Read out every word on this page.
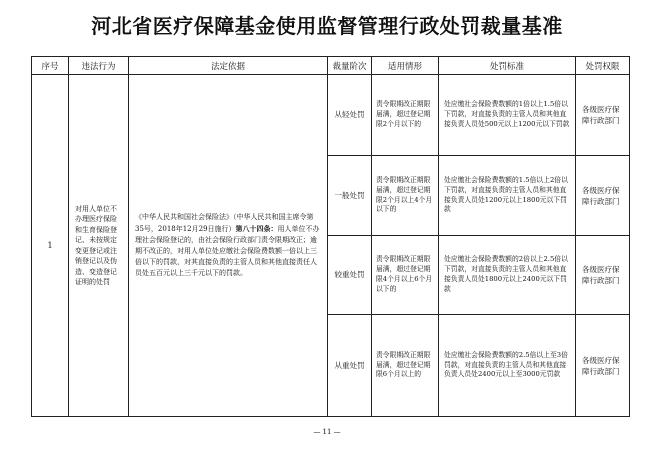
河北省医疗保障基金使用监督管理行政处罚裁量基准
序号	违法行为	法定依据	裁量阶次	适用情形	处罚标准	处罚权限
1	对用人单位不办理医疗保险和生育保险登记、未按规定变更登记或注销登记以及伪造、变造登记证明的处罚	《中华人民共和国社会保险法》（中华人民共和国主席令第35号，2018年12月29日施行）第八十四条：用人单位不办理社会保险登记的，由社会保险行政部门责令限期改正；逾期不改正的，对用人单位处应缴社会保险费数额一倍以上三倍以下的罚款，对其直接负责的主管人员和其他直接责任人员处五百元以上三千元以下的罚款。	从轻处罚	责令限期改正期限届满，超过登记期限2个月以下的	处应缴社会保险费数额的1倍以上1.5倍以下罚款，对直接负责的主管人员和其他直接负责人员处500元以上1200元以下罚款	各级医疗保障行政部门
			一般处罚	责令限期改正期限届满，超过登记期限2个月以上4个月以下的	处应缴社会保险费数额的1.5倍以上2倍以下罚款，对直接负责的主管人员和其他直接负责人员处1200元以上1800元以下罚款	各级医疗保障行政部门
			较重处罚	责令限期改正期限届满，超过登记期限4个月以上6个月以下的	处应缴社会保险费数额的2倍以上2.5倍以下罚款，对直接负责的主管人员和其他直接负责人员处1800元以上2400元以下罚款	各级医疗保障行政部门
			从重处罚	责令限期改正期限届满，超过登记期限6个月以上的	处应缴社会保险费数额的2.5倍以上至3倍罚款，对直接负责的主管人员和其他直接负责人员处2400元以上至3000元罚款	各级医疗保障行政部门
— 11 —
